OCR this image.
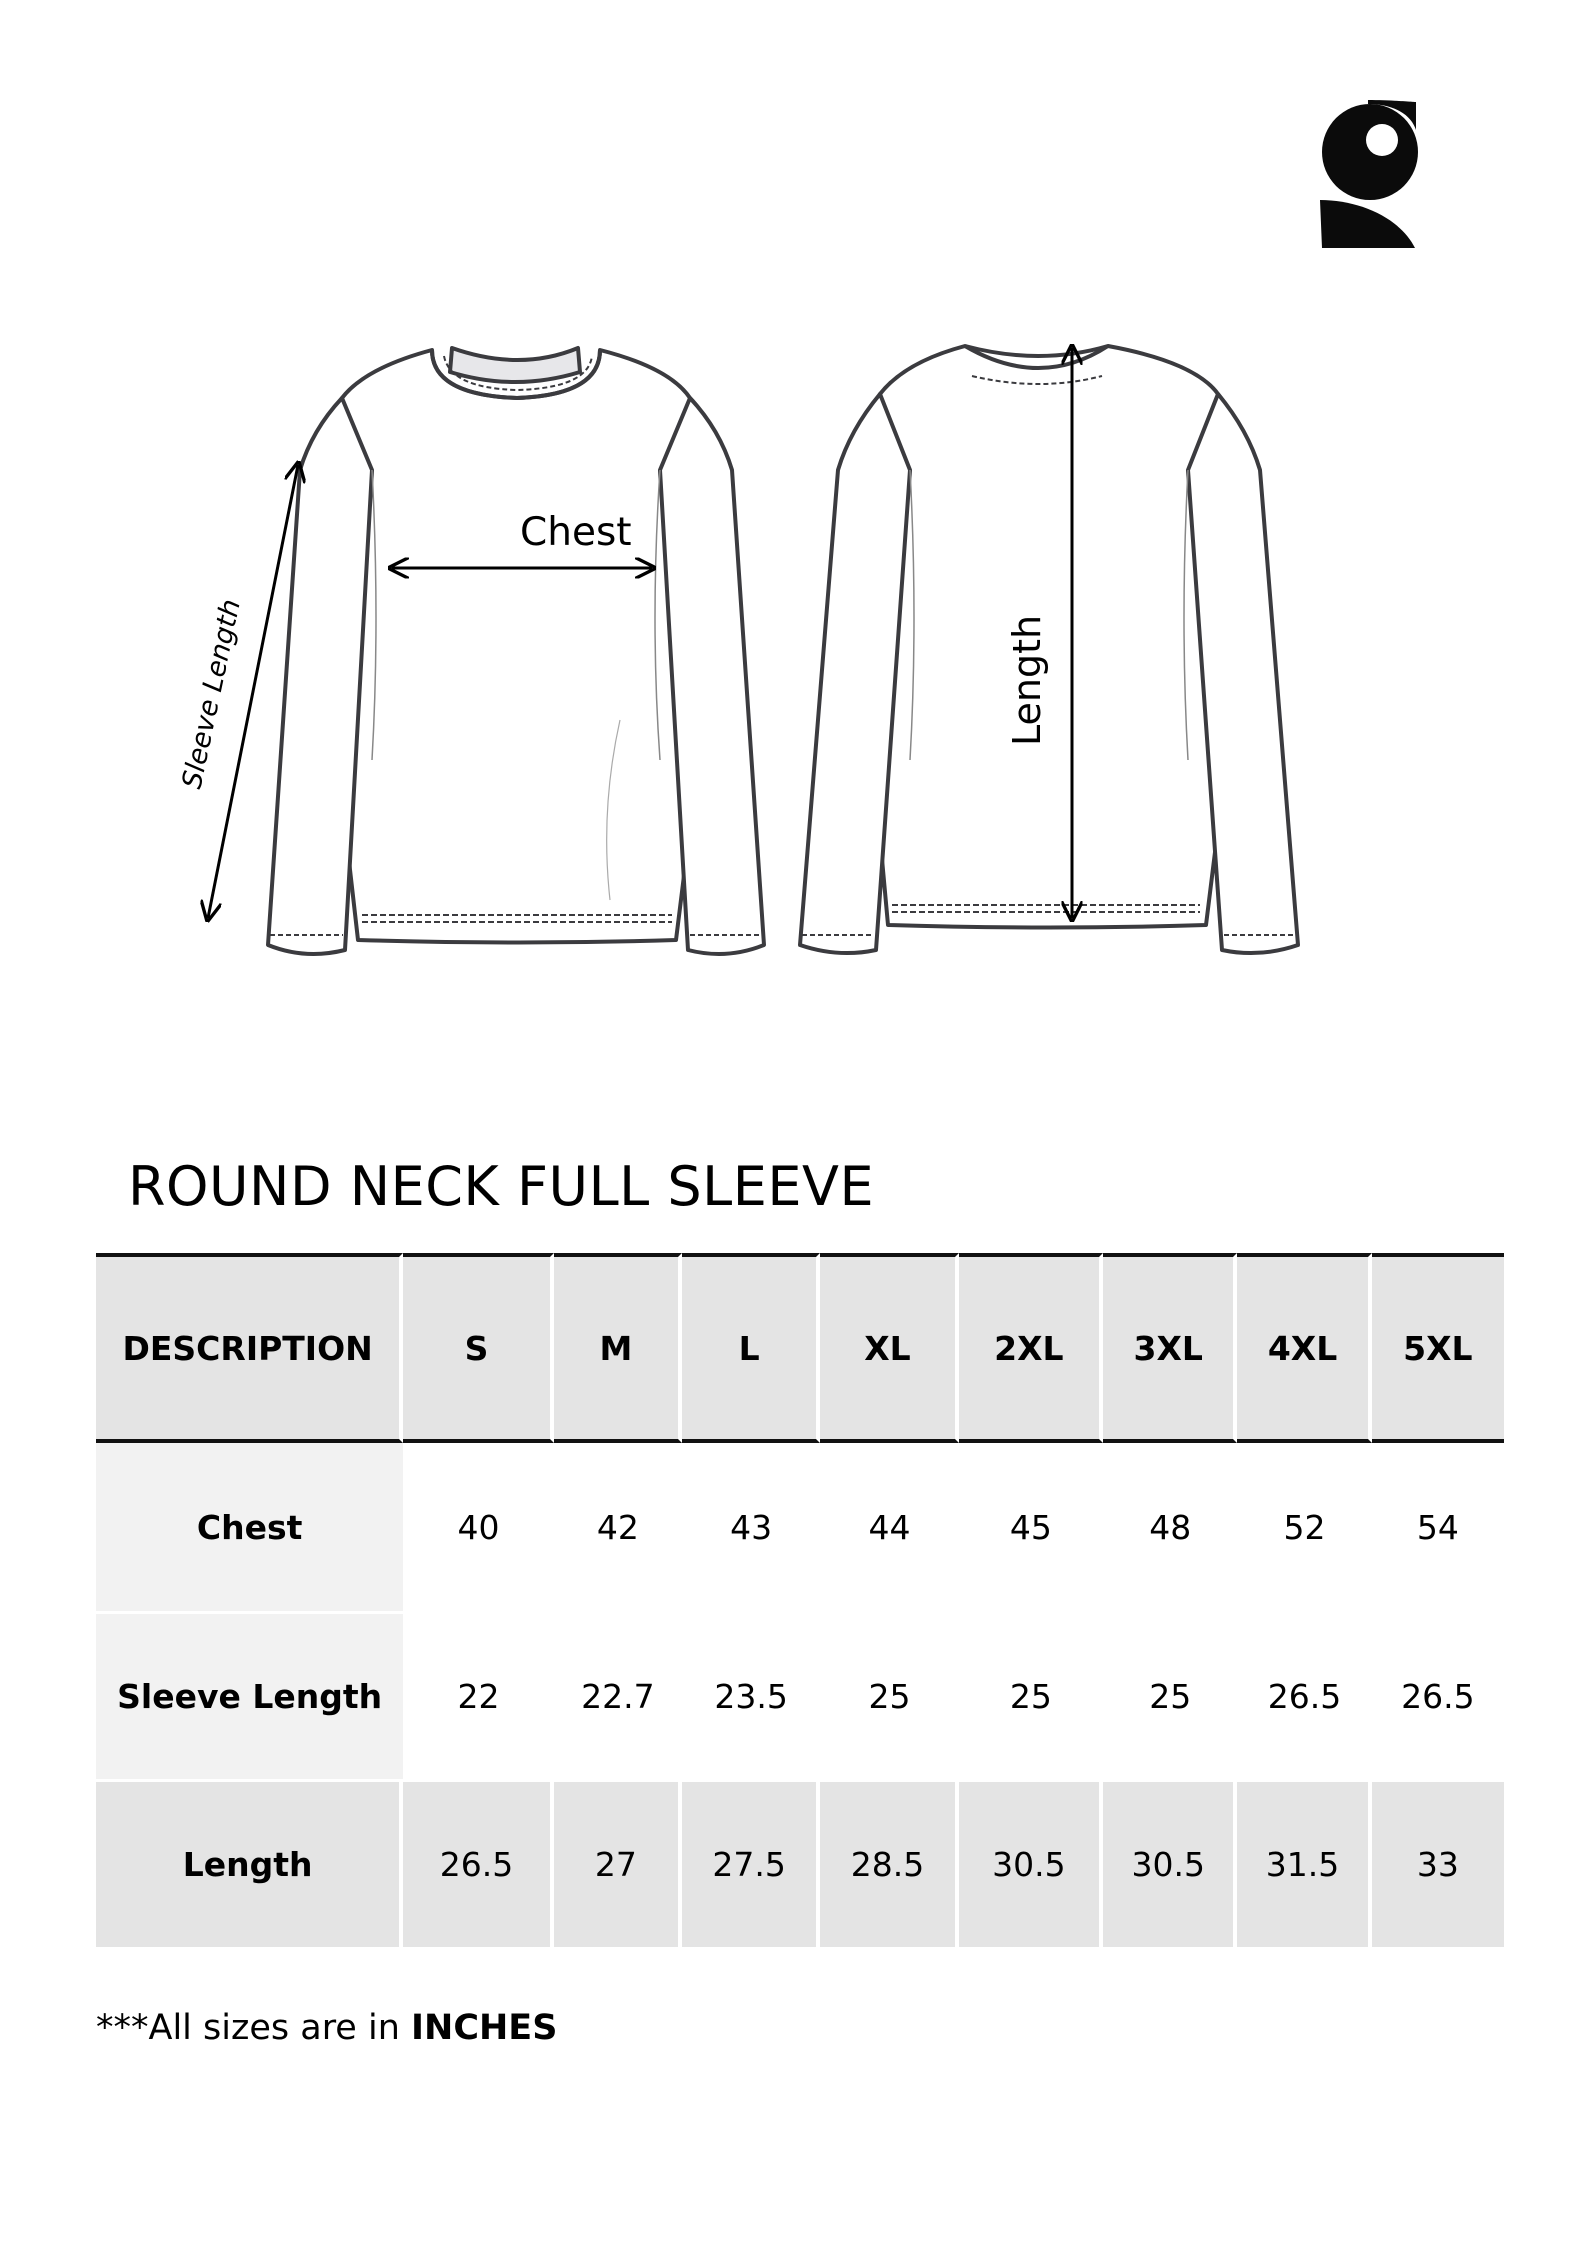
Chest
Sleeve Length	Length
ROUND NECK FULL SLEEVE
DESCRIPTION	S	M	L	XL	2XL	3XL	4XL	5XL
Chest	40	42	43	44	45	48	52	54
Sleeve Length	22	22.7	23.5	25	25	25	26.5	26.5
Length	26.5	27	27.5	28.5	30.5	30.5	31.5	33
***All sizes are in INCHES
